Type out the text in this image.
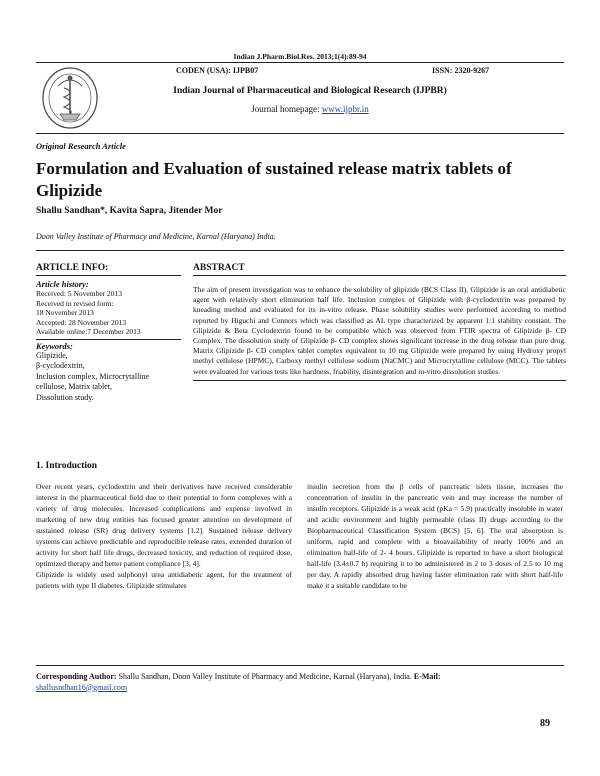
Indian J.Pharm.Biol.Res. 2013;1(4):89-94
CODEN (USA): IJPB07	ISSN: 2320-9267
Indian Journal of Pharmaceutical and Biological Research (IJPBR)
Journal homepage: www.ijpbr.in
Original Research Article
Formulation and Evaluation of sustained release matrix tablets of Glipizide
Shallu Sandhan*, Kavita Sapra, Jitender Mor
Doon Valley Institute of Pharmacy and Medicine, Karnal (Haryana) India.
ARTICLE INFO:
Article history:
Received: 5 November 2013
Received in revised form:
18 November 2013
Accepted: 28 November 2013
Available online:7 December 2013
Keywords:
Glipizide,
β-cyclodextrin,
Inclusion complex, Microcrytalline
cellulose, Matrix tablet,
Dissolution study.
ABSTRACT

The aim of present investigation was to enhance the solubility of glipizide (BCS Class II). Glipizide is an oral antidiabetic agent with relatively short elimination half life. Inclusion complex of Glipizide with β-cyclodextrin was prepared by kneading method and evaluated for its in-vitro release. Phase solubility studies were performed according to method reported by Higuchi and Connors which was classified as AL type characterized by apparent 1:1 stability constant. The Glipizide & Beta Cyclodextrin found to be compatible which was observed from FTIR spectra of Glipizide β- CD Complex. The dissolution study of Glipizide β- CD complex shows significant increase in the drug release than pure drug. Matrix Glipizide β- CD complex tablet complex equivalent to 10 mg Glipizide were prepared by using Hydroxy propyl methyl cellulose (HPMC), Carboxy methyl cellulose sodium (NaCMC) and Microcrytalline cellulose (MCC). The tablets were evaluated for various tests like hardness, friability, disintegration and in-vitro dissolution studies.

1. Introduction

Over recent years, cyclodextrin and their derivatives have received considerable interest in the pharmaceutical field due to their potential to form complexes with a variety of drug molecules. Increased complications and expense involved in marketing of new drug entities has focused greater attention on development of sustained release (SR) drug delivery systems [1,2]. Sustained release delivery systems can achieve predictable and reproducible release rates, extended duration of activity for short half life drugs, decreased toxicity, and reduction of required dose, optimized therapy and better patient compliance [3, 4].

Glipizide is widely used sulphonyl urea antidiabetic agent, for the treatment of patients with type II diabetes. Glipizide stimulates

insulin secretion from the β cells of pancreatic islets tissue, increases the concentration of insulin in the pancreatic vein and may increase the number of insulin receptors. Glipizide is a weak acid (pKa = 5.9) practically insoluble in water and acidic environment and highly permeable (class II) drugs according to the Biopharmaceutical Classification System (BCS) [5, 6]. The oral absorption is uniform, rapid and complete with a bioavailability of nearly 100% and an elimination half-life of 2- 4 hours. Glipizide is reported to have a short biological half-life (3.4±0.7 h) requiring it to be administered in 2 to 3 doses of 2.5 to 10 mg per day. A rapidly absorbed drug having faster elimination rate with short half-life make it a suitable candidate to be

Corresponding Author: Shallu Sandhan, Doon Valley Institute of Pharmacy and Medicine, Karnal (Haryana), India. E-Mail:
shallusndhan16@gmail.com
89
